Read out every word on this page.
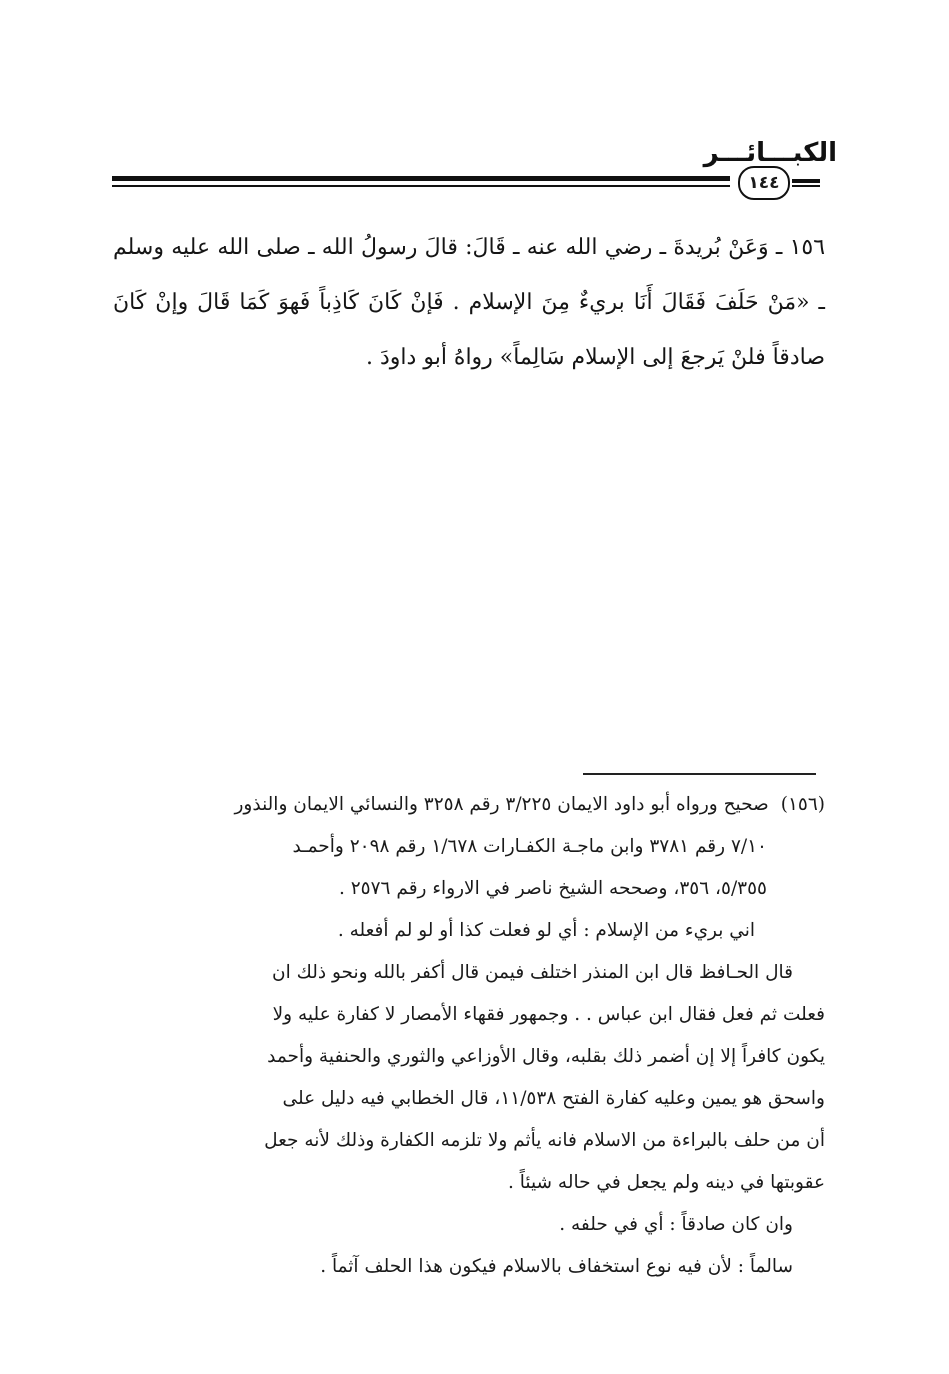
الكبـــائـــر
١٤٤

١٥٦ ـ وَعَنْ بُريدةَ ـ رضي الله عنه ـ قَالَ: قالَ رسولُ الله ـ صلى الله عليه وسلم ـ «مَنْ حَلَفَ فَقَالَ أَنَا بريءٌ مِنَ الإسلام . فَإنْ كَانَ كَاذِباً فَهوَ كَمَا قَالَ وإنْ كَانَ صادقاً فلنْ يَرجعَ إلى الإسلام سَالِماً» رواهُ أبو داودَ .

(١٥٦)
صحيح ورواه أبو داود الايمان ٣/٢٢٥ رقم ٣٢٥٨ والنسائي الايمان والنذور
٧/١٠ رقم ٣٧٨١ وابن ماجـة الكفـارات ١/٦٧٨ رقم ٢٠٩٨ وأحمـد
٥/٣٥٥، ٣٥٦، وصححه الشيخ ناصر في الارواء رقم ٢٥٧٦ .
اني بريء من الإسلام : أي لو فعلت كذا أو لو لم أفعله .
قال الحـافظ قال ابن المنذر اختلف فيمن قال أكفر بالله ونحو ذلك ان
فعلت ثم فعل فقال ابن عباس . . وجمهور فقهاء الأمصار لا كفارة عليه ولا
يكون كافراً إلا إن أضمر ذلك بقلبه، وقال الأوزاعي والثوري والحنفية وأحمد
واسحق هو يمين وعليه كفارة الفتح ١١/٥٣٨، قال الخطابي فيه دليل على
أن من حلف بالبراءة من الاسلام فانه يأثم ولا تلزمه الكفارة وذلك لأنه جعل
عقوبتها في دينه ولم يجعل في حاله شيئاً .
وان كان صادقاً : أي في حلفه .
سالماً : لأن فيه نوع استخفاف بالاسلام فيكون هذا الحلف آثماً .
